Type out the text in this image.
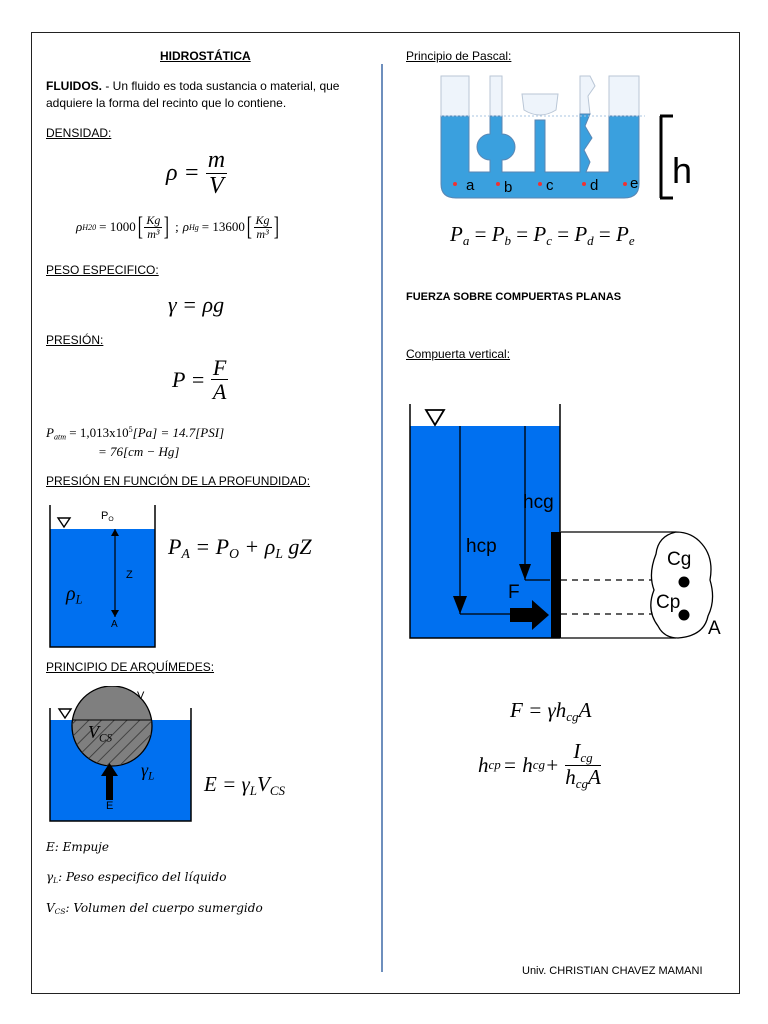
HIDROSTÁTICA
FLUIDOS. - Un fluido es toda sustancia o material, que adquiere la forma del recinto que lo contiene.
DENSIDAD:
ρ =
$\frac{m}{V}$
ρ H20 = 1000 [ $\frac{Kg}{\text{m³}}$ ] ; ρ Hg = 13600 [ $\frac{Kg}{\text{m³}}$ ]
PESO ESPECIFICO:
γ = ρg
PRESIÓN:
P =
$\frac{F}{A}$
$P_{atm} = 1,013x10^5[Pa] = 14.7[PSI]$
= 76[cm − Hg]
PRESIÓN EN FUNCIÓN DE LA PROFUNDIDAD:
$P_O$
Z
A
$\rho_L$
$P_A = P_O + \rho_L$ gZ
PRINCIPIO DE ARQUÍMEDES:
V
$V_{CS}$
$\gamma_L$
E
$E = \gamma_LV_{CS}$
E: Empuje
$\gamma_L$: Peso especifico del líquido
$V_{CS}$: Volumen del cuerpo sumergido
Principio de Pascal:
a b c d e h
$P_a = P_b = P_c = P_d = P_e$
FUERZA SOBRE COMPUERTAS PLANAS
Compuerta vertical:
hcg
hcp
F
Cg
Cp
A
$F = \gamma h_{cg}A$
h cp = h cg + $\frac{I_{cg}}{h_{cg}A}$
Univ. CHRISTIAN CHAVEZ MAMANI
